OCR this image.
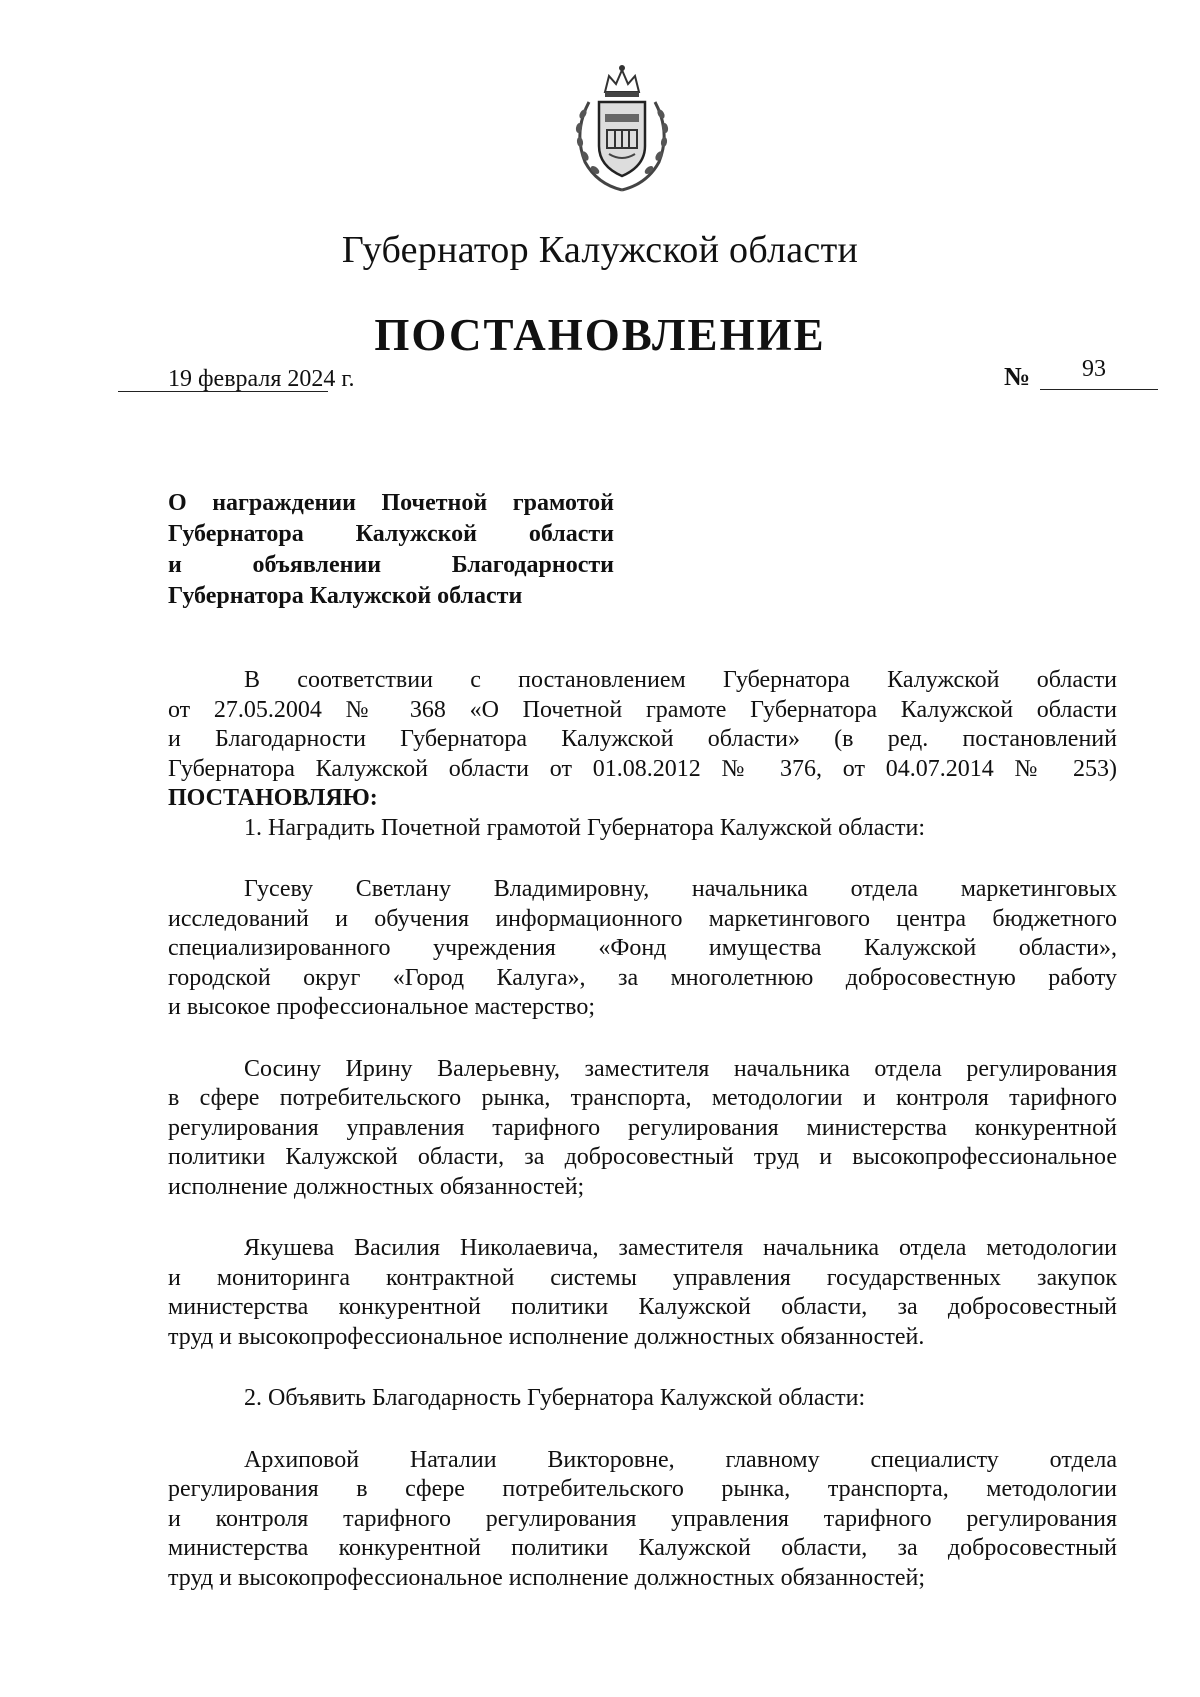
Губернатор Калужской области
ПОСТАНОВЛЕНИЕ
19 февраля 2024 г.	№ 93
О награждении Почетной грамотой
Губернатора Калужской области
и объявлении Благодарности
Губернатора Калужской области
В соответствии с постановлением Губернатора Калужской области
от 27.05.2004 № 368 «О Почетной грамоте Губернатора Калужской области
и Благодарности Губернатора Калужской области» (в ред. постановлений
Губернатора Калужской области от 01.08.2012 № 376, от 04.07.2014 № 253)
ПОСТАНОВЛЯЮ:
1. Наградить Почетной грамотой Губернатора Калужской области:
Гусеву Светлану Владимировну, начальника отдела маркетинговых
исследований и обучения информационного маркетингового центра бюджетного
специализированного учреждения «Фонд имущества Калужской области»,
городской округ «Город Калуга», за многолетнюю добросовестную работу
и высокое профессиональное мастерство;
Сосину Ирину Валерьевну, заместителя начальника отдела регулирования
в сфере потребительского рынка, транспорта, методологии и контроля тарифного
регулирования управления тарифного регулирования министерства конкурентной
политики Калужской области, за добросовестный труд и высокопрофессиональное
исполнение должностных обязанностей;
Якушева Василия Николаевича, заместителя начальника отдела методологии
и мониторинга контрактной системы управления государственных закупок
министерства конкурентной политики Калужской области, за добросовестный
труд и высокопрофессиональное исполнение должностных обязанностей.
2. Объявить Благодарность Губернатора Калужской области:
Архиповой Наталии Викторовне, главному специалисту отдела
регулирования в сфере потребительского рынка, транспорта, методологии
и контроля тарифного регулирования управления тарифного регулирования
министерства конкурентной политики Калужской области, за добросовестный
труд и высокопрофессиональное исполнение должностных обязанностей;
